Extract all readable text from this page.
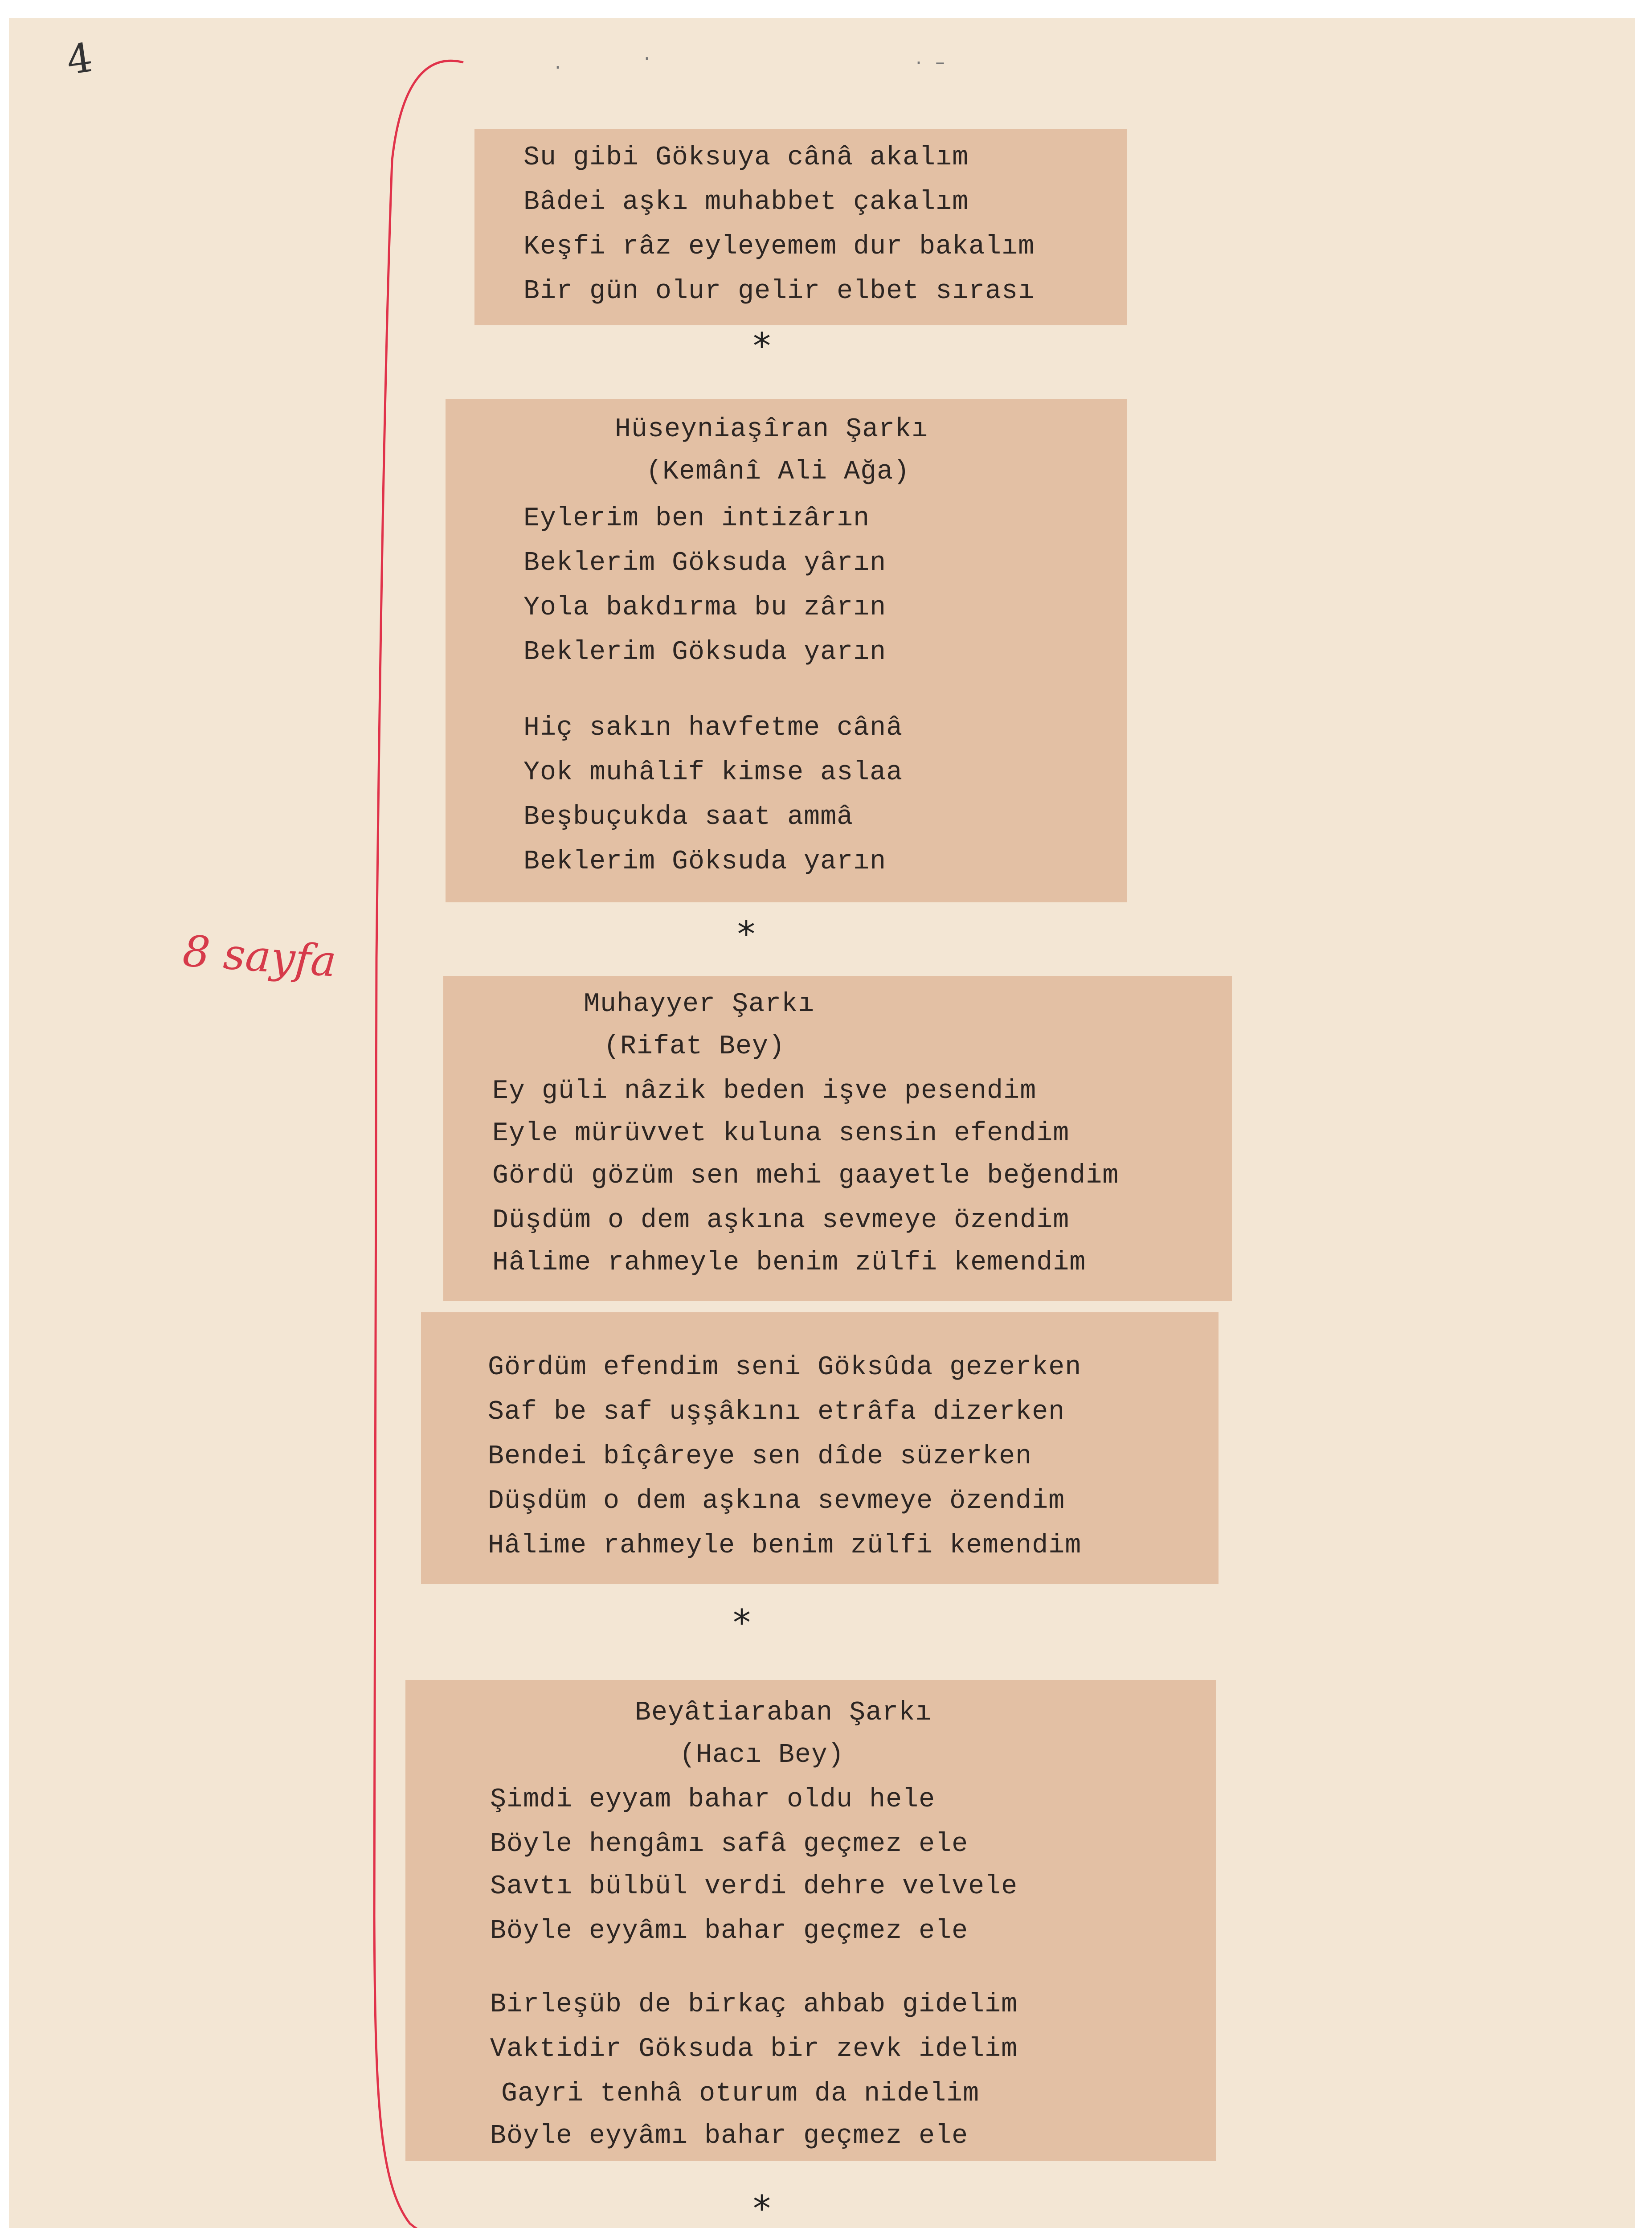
4
8 sayfa
·	·	· –
Su gibi Göksuya cânâ akalım
Bâdei aşkı muhabbet çakalım
Keşfi râz eyleyemem dur bakalım
Bir gün olur gelir elbet sırası
*
Hüseyniaşîran Şarkı
(Kemânî Ali Ağa)
Eylerim ben intizârın
Beklerim Göksuda yârın
Yola bakdırma bu zârın
Beklerim Göksuda yarın
Hiç sakın havfetme cânâ
Yok muhâlif kimse aslaa
Beşbuçukda saat ammâ
Beklerim Göksuda yarın
*
Muhayyer Şarkı
(Rifat Bey)
Ey güli nâzik beden işve pesendim
Eyle mürüvvet kuluna sensin efendim
Gördü gözüm sen mehi gaayetle beğendim
Düşdüm o dem aşkına sevmeye özendim
Hâlime rahmeyle benim zülfi kemendim
Gördüm efendim seni Göksûda gezerken
Saf be saf uşşâkını etrâfa dizerken
Bendei bîçâreye sen dîde süzerken
Düşdüm o dem aşkına sevmeye özendim
Hâlime rahmeyle benim zülfi kemendim
*
Beyâtiaraban Şarkı
(Hacı Bey)
Şimdi eyyam bahar oldu hele
Böyle hengâmı safâ geçmez ele
Savtı bülbül verdi dehre velvele
Böyle eyyâmı bahar geçmez ele
Birleşüb de birkaç ahbab gidelim
Vaktidir Göksuda bir zevk idelim
Gayri tenhâ oturum da nidelim
Böyle eyyâmı bahar geçmez ele
*
